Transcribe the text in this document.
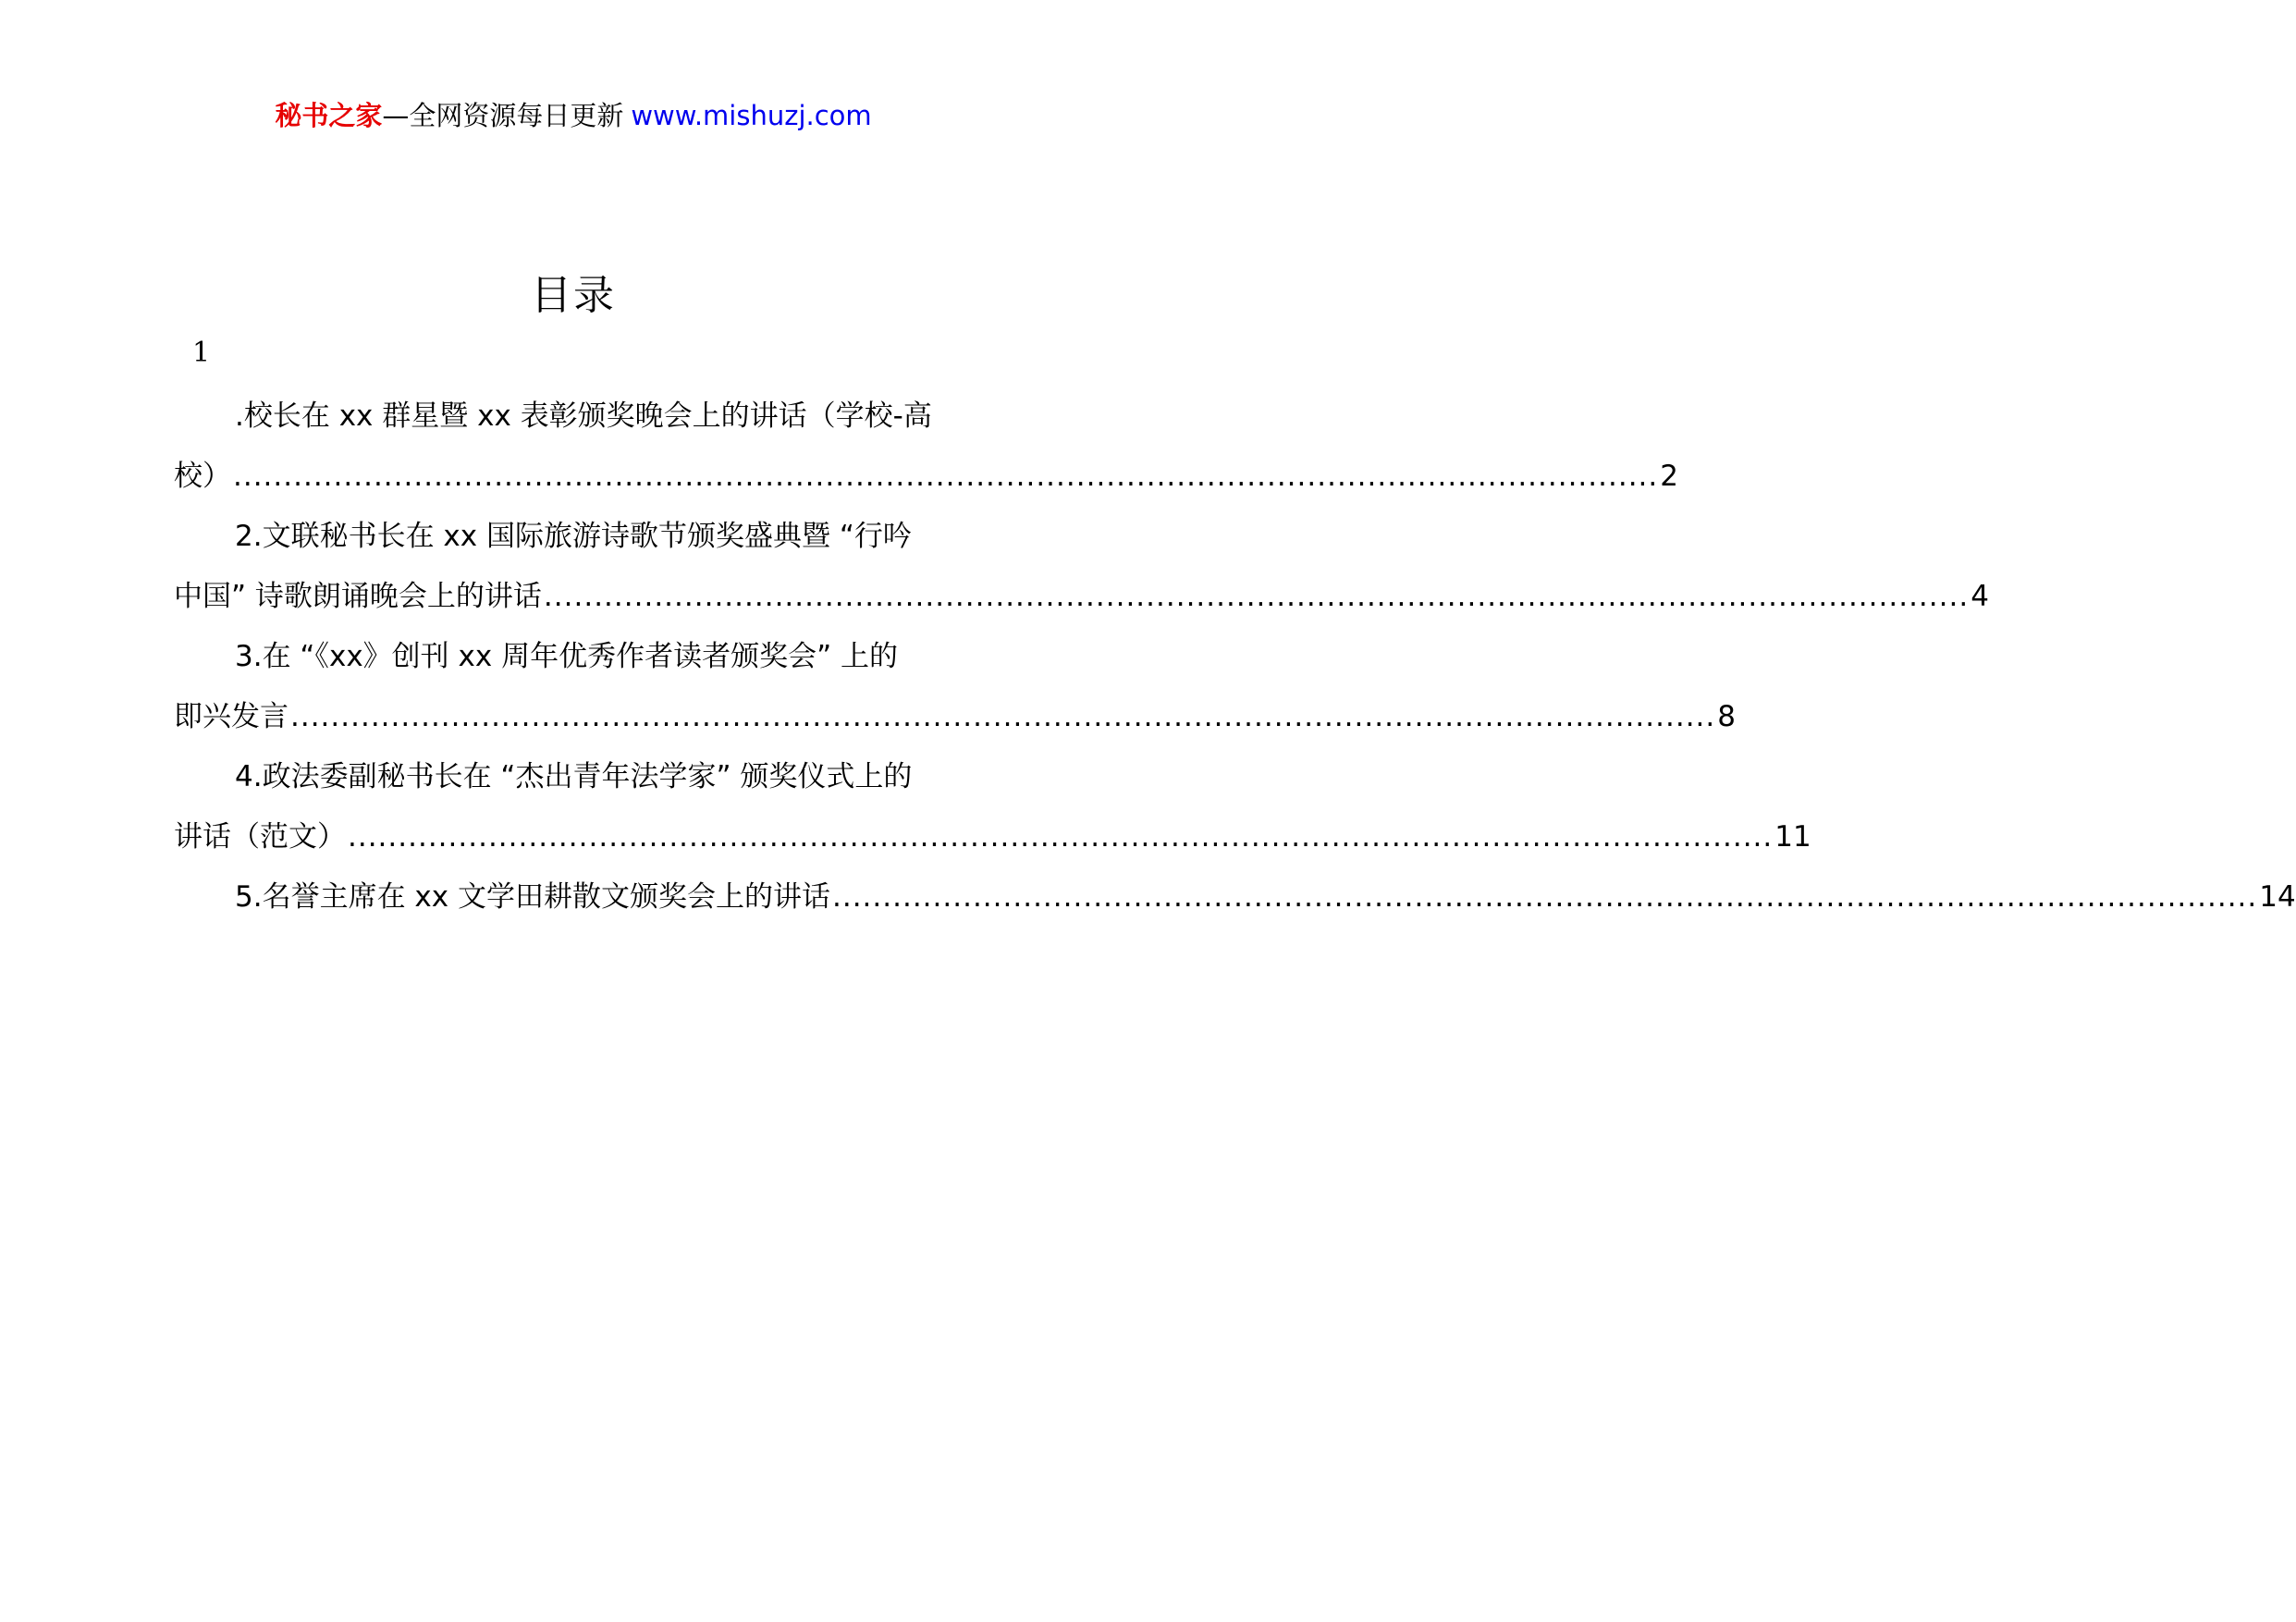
秘书之家—全网资源每日更新 www.mishuzj.com
目录
1
.校长在 xx 群星暨 xx 表彰颁奖晚会上的讲话（学校-高
校） .............................................................................................................................................. 2
2.文联秘书长在 xx 国际旅游诗歌节颁奖盛典暨 “行吟
中国” 诗歌朗诵晚会上的讲话 .............................................................................................................................................. 4
3.在 “《xx》创刊 xx 周年优秀作者读者颁奖会” 上的
即兴发言 .............................................................................................................................................. 8
4.政法委副秘书长在 “杰出青年法学家” 颁奖仪式上的
讲话（范文） .............................................................................................................................................. 11
5.名誉主席在 xx 文学田耕散文颁奖会上的讲话 .............................................................................................................................................. 14
